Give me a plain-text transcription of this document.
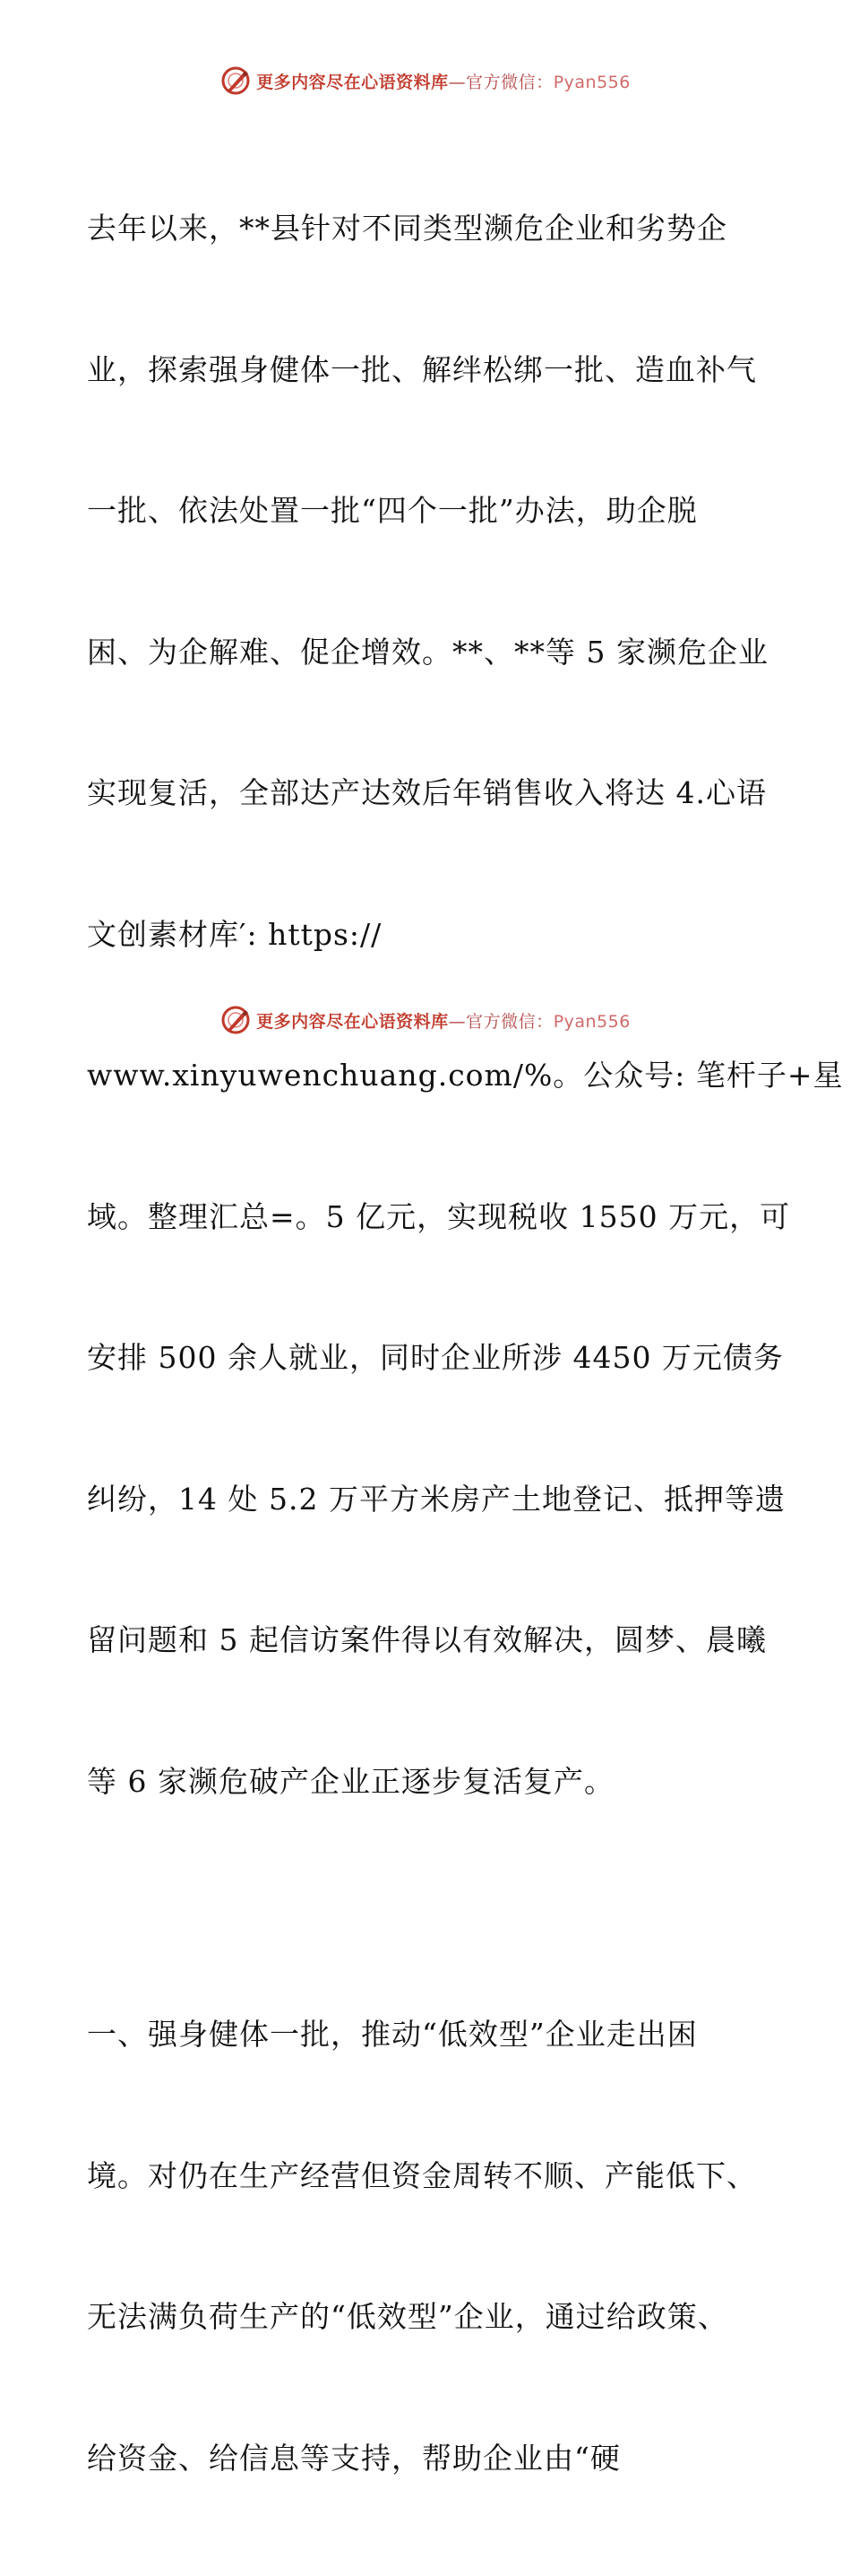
更多内容尽在心语资料库—官方微信：Pyan556

去年以来，**县针对不同类型濒危企业和劣势企

业，探索强身健体一批、解绊松绑一批、造血补气

一批、依法处置一批“四个一批”办法，助企脱

困、为企解难、促企增效。**、**等 5 家濒危企业

实现复活，全部达产达效后年销售收入将达 4.心语

文创素材库′: https://

www.xinyuwenchuang.com/%。公众号: 笔杆子+星

域。整理汇总=。5 亿元，实现税收 1550 万元，可

安排 500 余人就业，同时企业所涉 4450 万元债务

纠纷，14 处 5.2 万平方米房产土地登记、抵押等遗

留问题和 5 起信访案件得以有效解决，圆梦、晨曦

等 6 家濒危破产企业正逐步复活复产。

一、强身健体一批，推动“低效型”企业走出困

境。对仍在生产经营但资金周转不顺、产能低下、

无法满负荷生产的“低效型”企业，通过给政策、

给资金、给信息等支持，帮助企业由“硬

更多内容尽在心语资料库—官方微信：Pyan556
